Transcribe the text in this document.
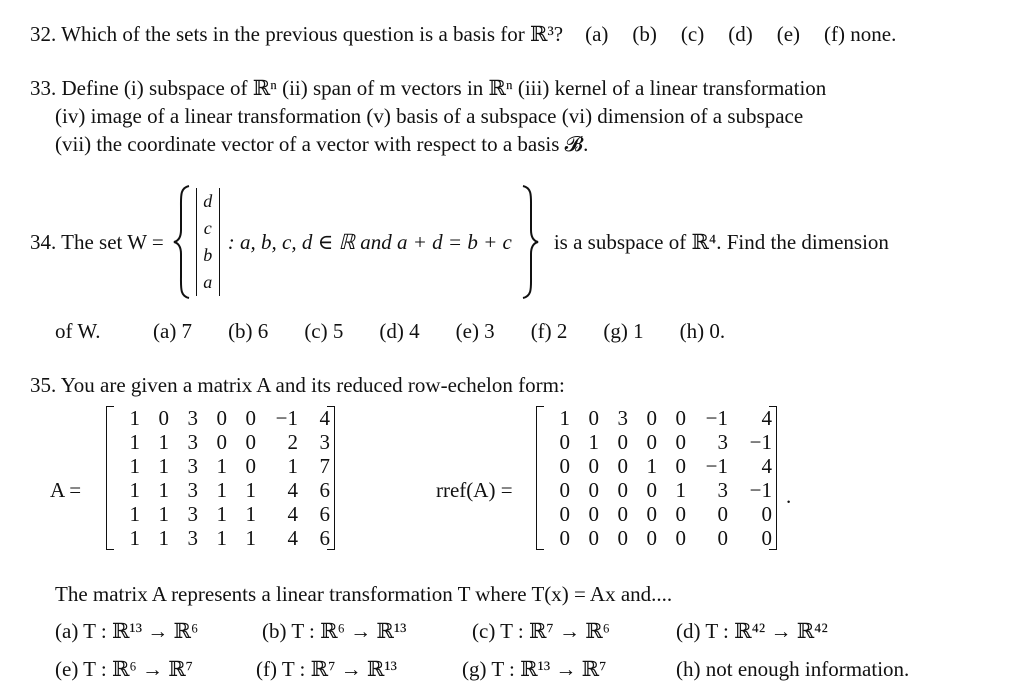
32. Which of the sets in the previous question is a basis for ℝ³? (a) (b) (c) (d) (e) (f) none.
33. Define (i) subspace of ℝⁿ (ii) span of m vectors in ℝⁿ (iii) kernel of a linear transformation
(iv) image of a linear transformation (v) basis of a subspace (vi) dimension of a subspace
(vii) the coordinate vector of a vector with respect to a basis 𝓑.
34. The set W =
d
c
b
a
: a, b, c, d ∈ ℝ and a + d = b + c is a subspace of ℝ⁴. Find the dimension
of W. (a) 7 (b) 6 (c) 5 (d) 4 (e) 3 (f) 2 (g) 1 (h) 0.
35. You are given a matrix A and its reduced row-echelon form:
A =
1 0 3 0 0 −1	4
1 1 3 0 0	2	3
1 1 3 1 0	1	7
1 1 3 1 1	4	6
1 1 3 1 1	4	6
1 1 3 1 1	4	6
rref(A) =
1 0 3 0 0 −1	4
0 1 0 0 0	3	−1
0 0 0 1 0 −1	4
0 0 0 0 1	3	−1
0 0 0 0 0	0	0
0 0 0 0 0	0	0
.
The matrix A represents a linear transformation T where T(x) = Ax and....
(a) T : ℝ¹³ → ℝ⁶	(b) T : ℝ⁶ → ℝ¹³	(c) T : ℝ⁷ → ℝ⁶	(d) T : ℝ⁴² → ℝ⁴²
(e) T : ℝ⁶ → ℝ⁷	(f) T : ℝ⁷ → ℝ¹³	(g) T : ℝ¹³ → ℝ⁷	(h) not enough information.
